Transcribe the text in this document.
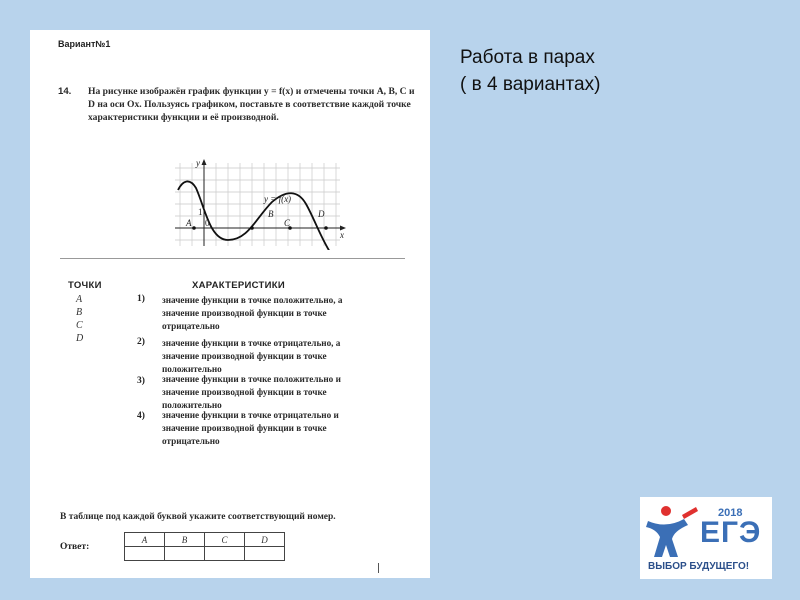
Работа в парах
( в 4 вариантах)
Вариант№1
14.	На рисунке изображён график функции y = f(x) и отмечены точки A, B, C и D на оси Ox. Пользуясь графиком, поставьте в соответствие каждой точке характеристики функции и её производной.
y
x
y = f(x)
A
B
C
D
0
1
ТОЧКИ	ХАРАКТЕРИСТИКИ
A
B
C
D
1) значение функции в точке положительно, а значение производной функции в точке отрицательно
2) значение функции в точке отрицательно, а значение производной функции в точке положительно
3) значение функции в точке положительно и значение производной функции в точке положительно
4) значение функции в точке отрицательно и значение производной функции в точке отрицательно
В таблице под каждой буквой укажите соответствующий номер.
Ответ:
A	B	C	D

2018
ЕГЭ
ВЫБОР БУДУЩЕГО!
